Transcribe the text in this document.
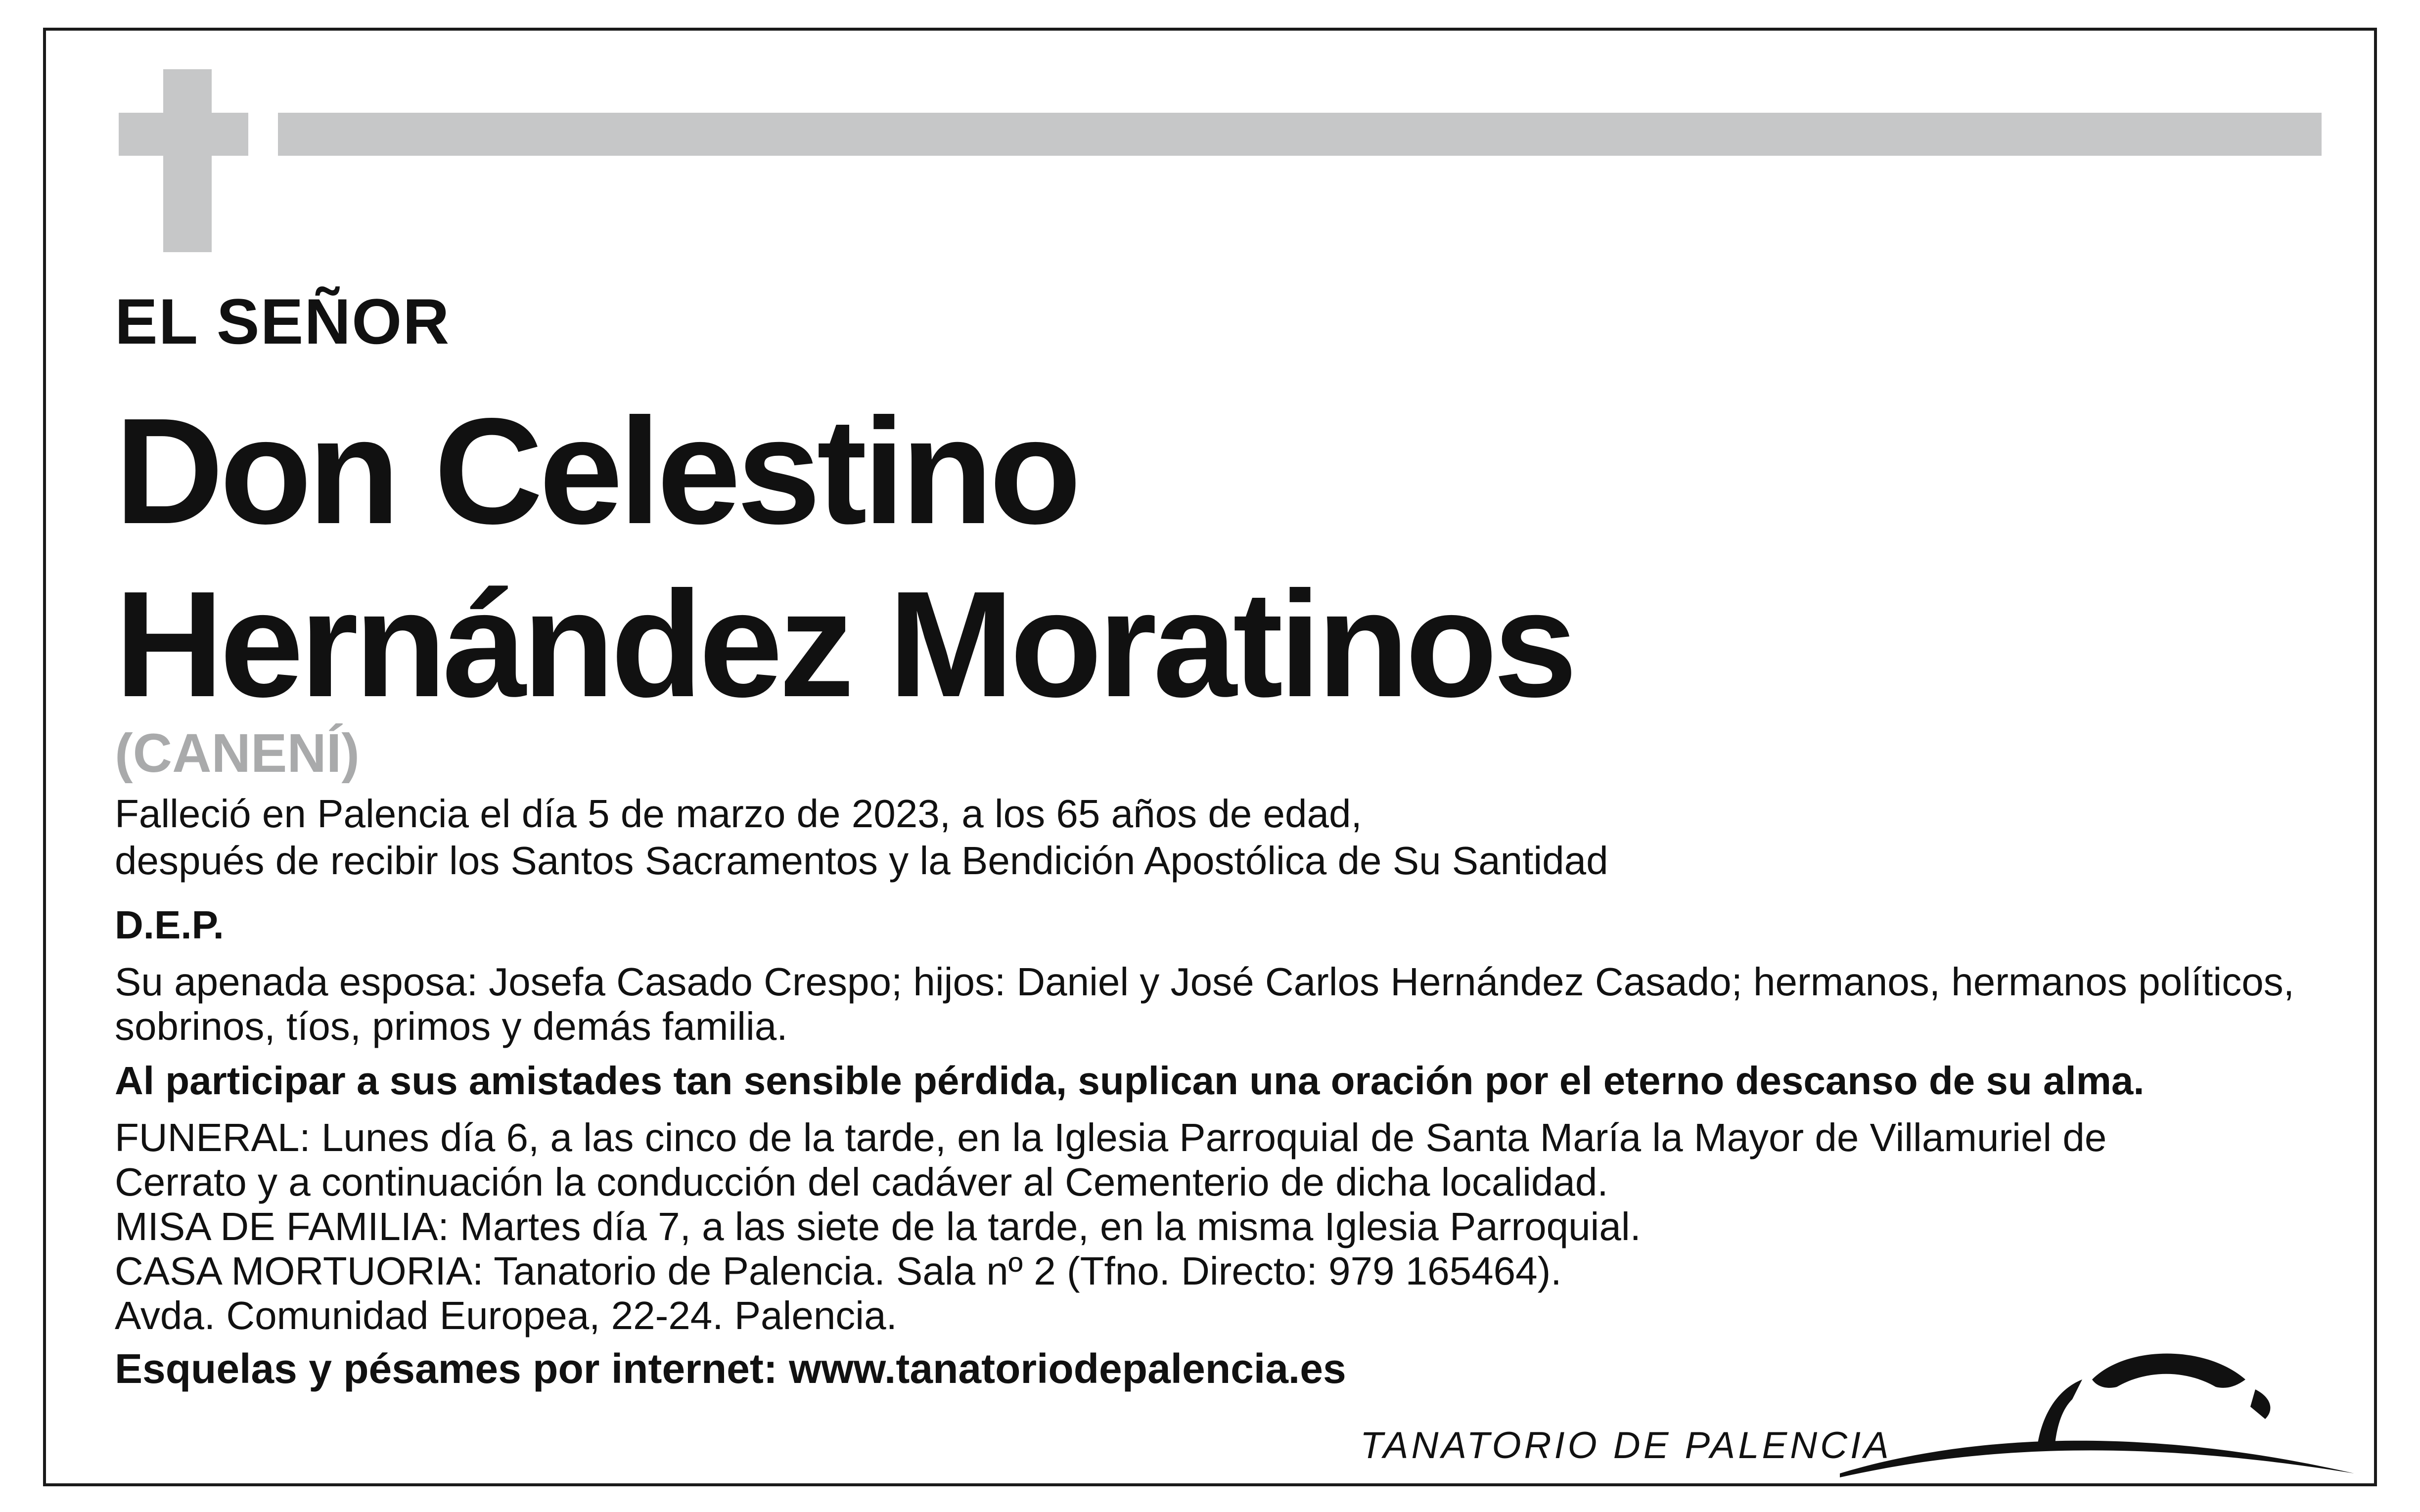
EL SEÑOR
Don Celestino
Hernández Moratinos
(CANENÍ)
Falleció en Palencia el día 5 de marzo de 2023, a los 65 años de edad,
después de recibir los Santos Sacramentos y la Bendición Apostólica de Su Santidad
D.E.P.
Su apenada esposa: Josefa Casado Crespo; hijos: Daniel y José Carlos Hernández Casado; hermanos, hermanos políticos,
sobrinos, tíos, primos y demás familia.
Al participar a sus amistades tan sensible pérdida, suplican una oración por el eterno descanso de su alma.
FUNERAL: Lunes día 6, a las cinco de la tarde, en la Iglesia Parroquial de Santa María la Mayor de Villamuriel de
Cerrato y a continuación la conducción del cadáver al Cementerio de dicha localidad.
MISA DE FAMILIA: Martes día 7, a las siete de la tarde, en la misma Iglesia Parroquial.
CASA MORTUORIA: Tanatorio de Palencia. Sala nº 2 (Tfno. Directo: 979 165464).
Avda. Comunidad Europea, 22-24. Palencia.
Esquelas y pésames por internet: www.tanatoriodepalencia.es
TANATORIO DE PALENCIA
